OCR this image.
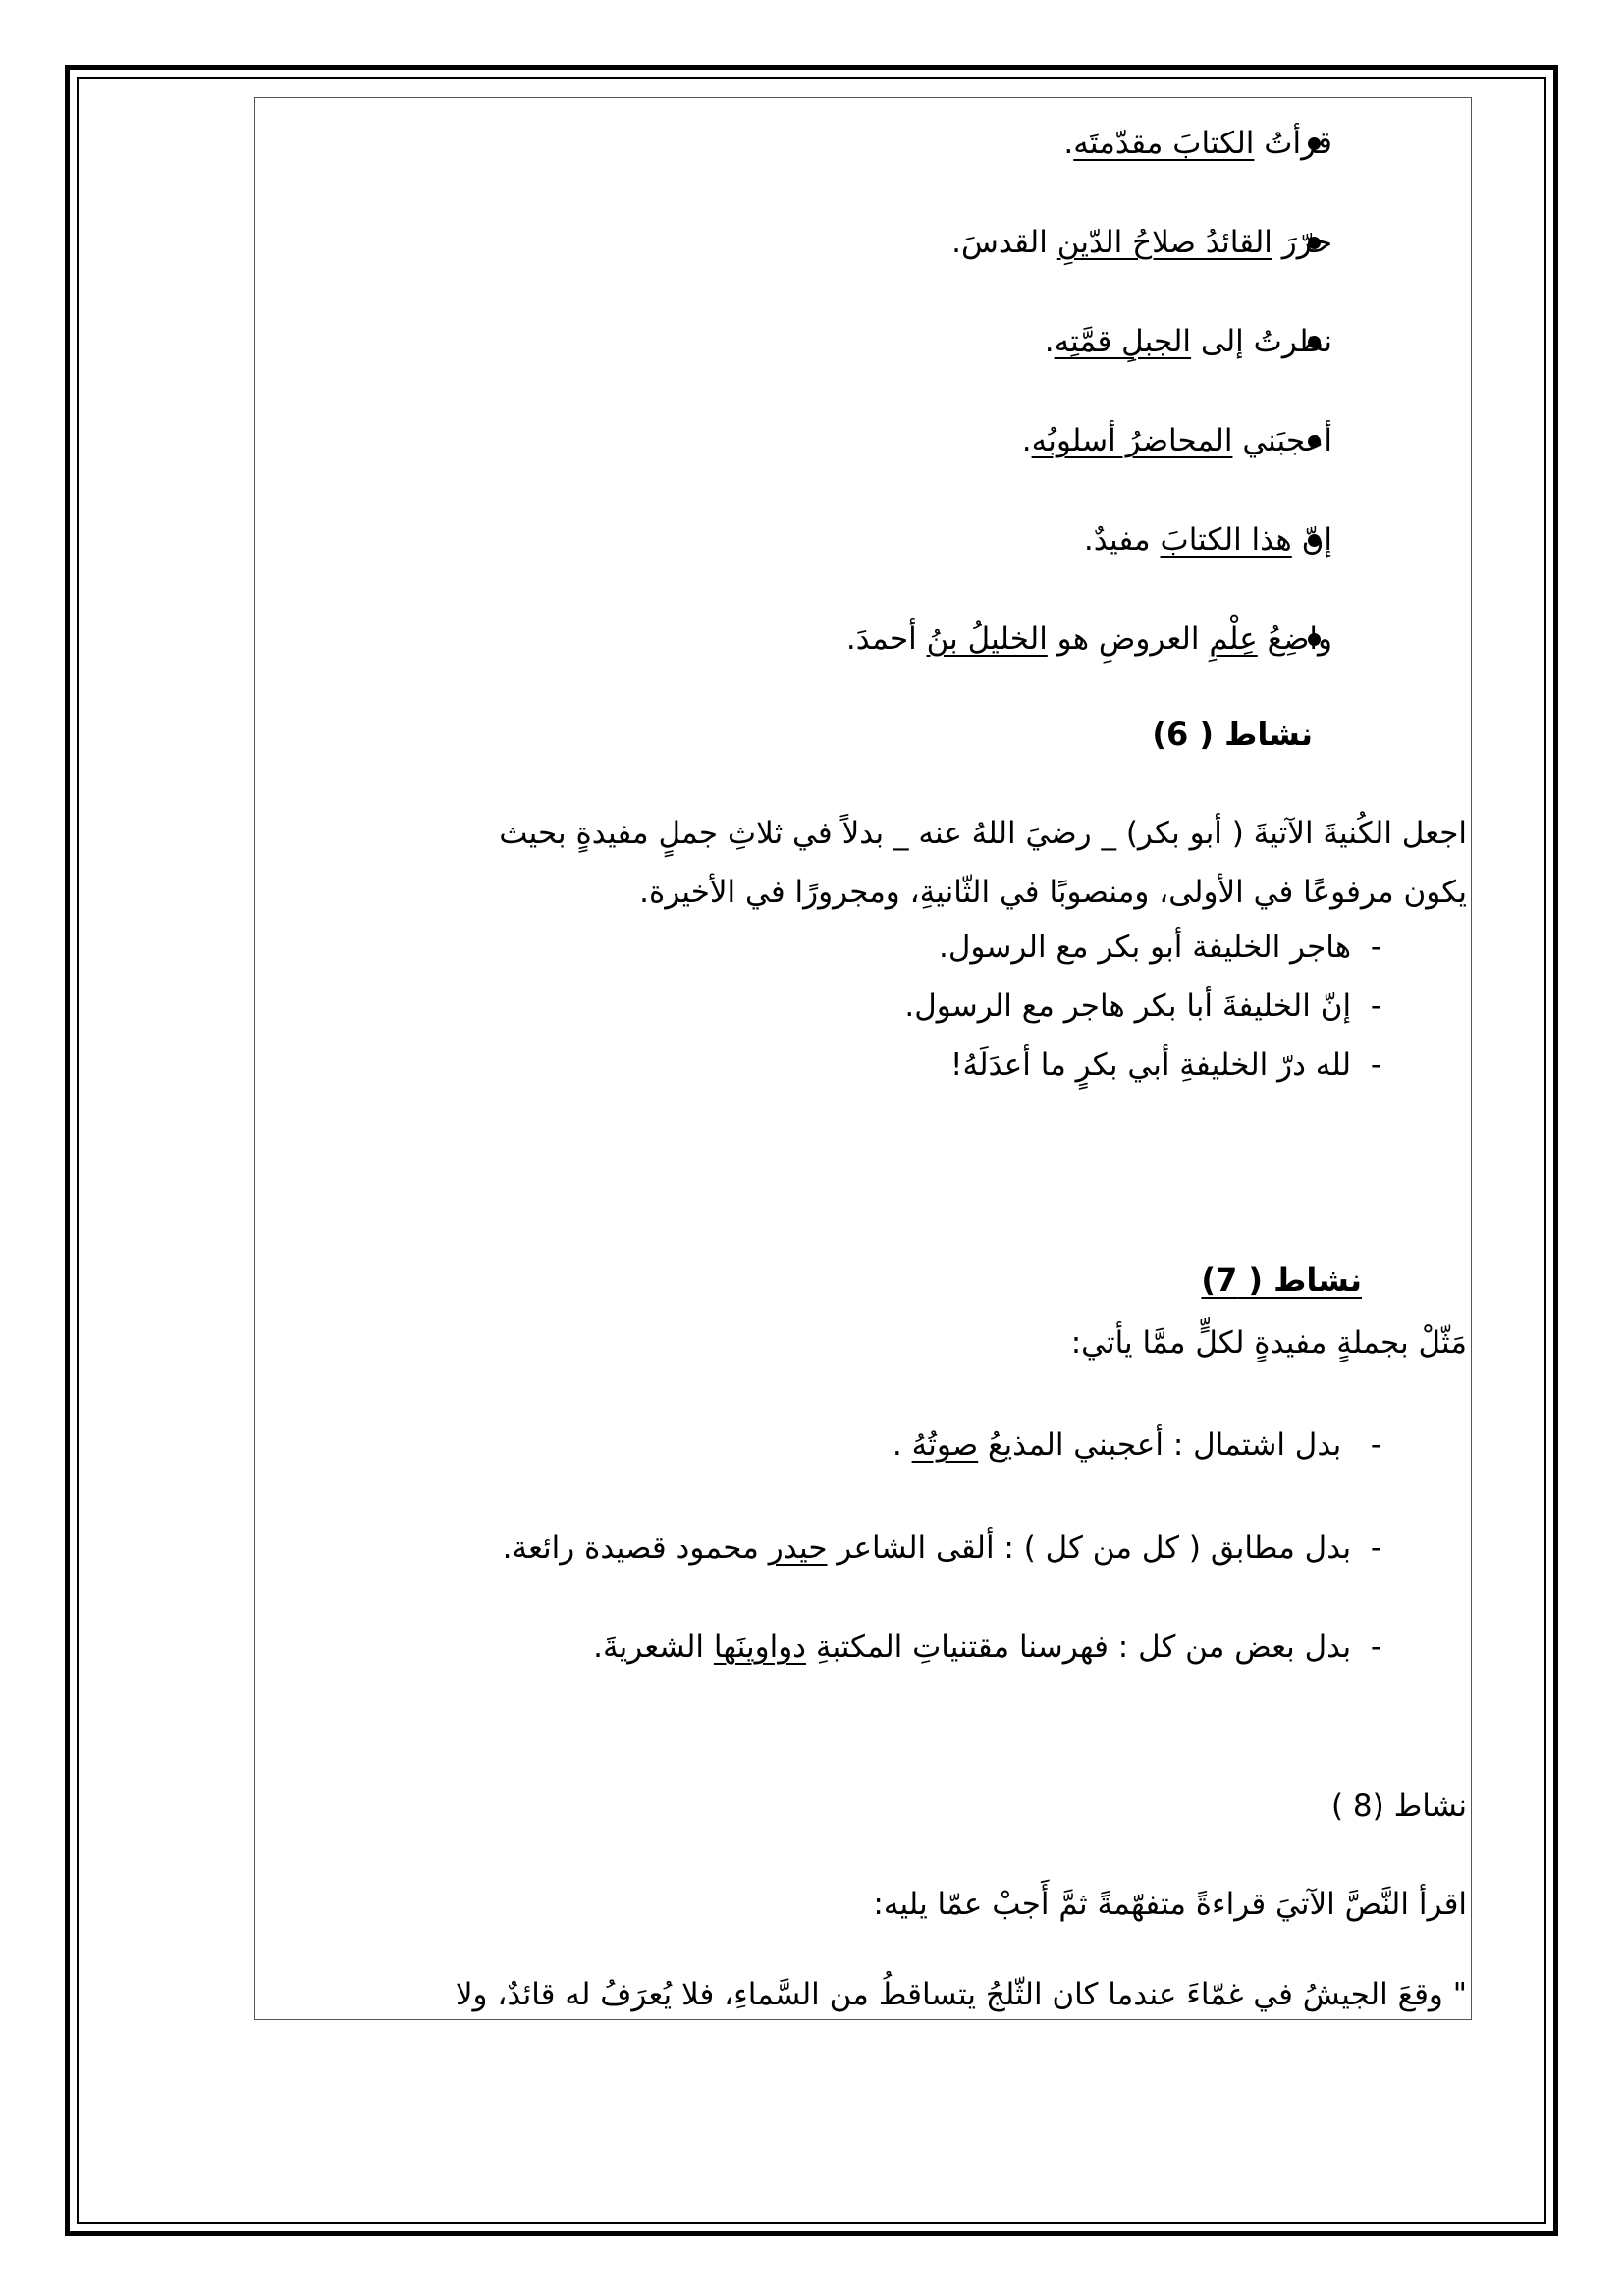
قرأتُ الكتابَ مقدّمتَه.
حرّرَ القائدُ صلاحُ الدّينِ القدسَ.
نظرتُ إلى الجبلِ قمَّتِه.
أعجبَني المحاضرُ أسلوبُه.
إنّ هذا الكتابَ مفيدٌ.
واضِعُ عِلْمِ العروضِ هو الخليلُ بنُ أحمدَ.
نشاط ( 6)
اجعل الكُنيةَ الآتيةَ ( أبو بكر) _ رضيَ اللهُ عنه _ بدلاً في ثلاثِ جملٍ مفيدةٍ بحيث
يكون مرفوعًا في الأولى، ومنصوبًا في الثّانيةِ، ومجرورًا في الأخيرة.
-  هاجر الخليفة أبو بكر مع الرسول.
-  إنّ الخليفةَ أبا بكر هاجر مع الرسول.
-  لله درّ الخليفةِ أبي بكرٍ ما أعدَلَهُ!
نشاط ( 7)
مَثّلْ بجملةٍ مفيدةٍ لكلٍّ ممَّا يأتي:
-   بدل اشتمال : أعجبني المذيعُ صوتُهُ .
-  بدل مطابق ( كل من كل ) : ألقى الشاعر حيدر محمود قصيدة رائعة.
-  بدل بعض من كل : فهرسنا مقتنياتِ المكتبةِ دواوينَها الشعريةَ.
نشاط (8 )
اقرأ النَّصَّ الآتيَ قراءةً متفهّمةً ثمَّ أَجبْ عمّا يليه:
" وقعَ الجيشُ في غمّاءَ عندما كان الثّلجُ يتساقطُ من السَّماءِ، فلا يُعرَفُ له قائدٌ، ولا
